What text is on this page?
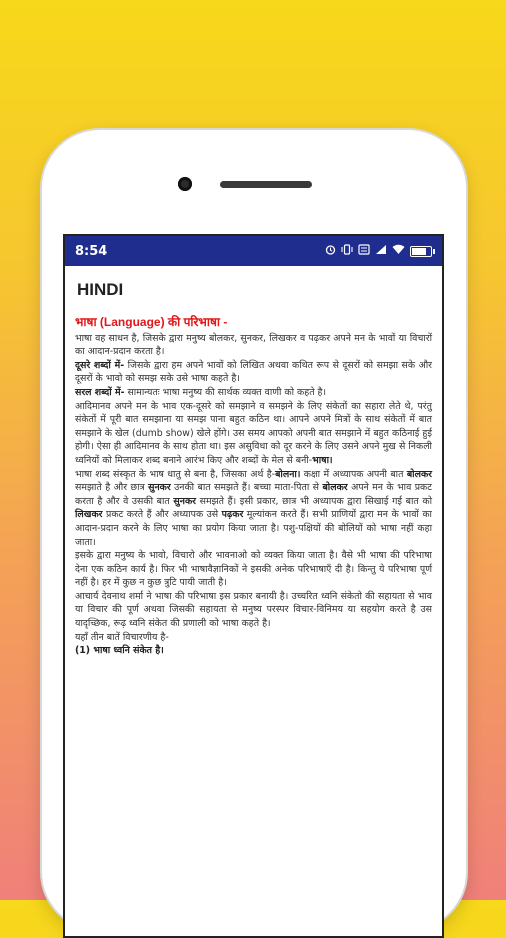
8:54
HINDI

भाषा (Language) की परिभाषा -

भाषा वह साधन है, जिसके द्वारा मनुष्य बोलकर, सुनकर, लिखकर व पढ़कर अपने मन के भावों या विचारों का आदान-प्रदान करता है।

दूसरे शब्दों में- जिसके द्वारा हम अपने भावों को लिखित अथवा कथित रूप से दूसरों को समझा सके और दूसरों के भावो को समझ सके उसे भाषा कहते है।

सरल शब्दों में- सामान्यतः भाषा मनुष्य की सार्थक व्यक्त वाणी को कहते है।

आदिमानव अपने मन के भाव एक-दूसरे को समझाने व समझने के लिए संकेतों का सहारा लेते थे, परंतु संकेतों में पूरी बात समझाना या समझ पाना बहुत कठिन था। आपने अपने मित्रों के साथ संकेतों में बात समझाने के खेल (dumb show) खेले होंगे। उस समय आपको अपनी बात समझाने में बहुत कठिनाई हुई होगी। ऐसा ही आदिमानव के साथ होता था। इस असुविधा को दूर करने के लिए उसने अपने मुख से निकली ध्वनियों को मिलाकर शब्द बनाने आरंभ किए और शब्दों के मेल से बनी-भाषा।

भाषा शब्द संस्कृत के भाष धातु से बना है, जिसका अर्थ है-बोलना। कक्षा में अध्यापक अपनी बात बोलकर समझाते है और छात्र सुनकर उनकी बात समझते हैं। बच्चा माता-पिता से बोलकर अपने मन के भाव प्रकट करता है और वे उसकी बात सुनकर समझते हैं। इसी प्रकार, छात्र भी अध्यापक द्वारा सिखाई गई बात को लिखकर प्रकट करते हैं और अध्यापक उसे पढ़कर मूल्यांकन करते हैं। सभी प्राणियों द्वारा मन के भावों का आदान-प्रदान करने के लिए भाषा का प्रयोग किया जाता है। पशु-पक्षियों की बोलियों को भाषा नहीं कहा जाता।

इसके द्वारा मनुष्य के भावो, विचारो और भावनाओ को व्यक्त किया जाता है। वैसे भी भाषा की परिभाषा देना एक कठिन कार्य है। फिर भी भाषावैज्ञानिकों ने इसकी अनेक परिभाषाएँ दी है। किन्तु ये परिभाषा पूर्ण नहीं है। हर में कुछ न कुछ त्रुटि पायी जाती है।

आचार्य देवनाथ शर्मा ने भाषा की परिभाषा इस प्रकार बनायी है। उच्चरित ध्वनि संकेतो की सहायता से भाव या विचार की पूर्ण अथवा जिसकी सहायता से मनुष्य परस्पर विचार-विनिमय या सहयोग करते है उस यादृच्छिक, रूढ़ ध्वनि संकेत की प्रणाली को भाषा कहते है।

यहाँ तीन बातें विचारणीय है-

(1) भाषा ध्वनि संकेत है।
